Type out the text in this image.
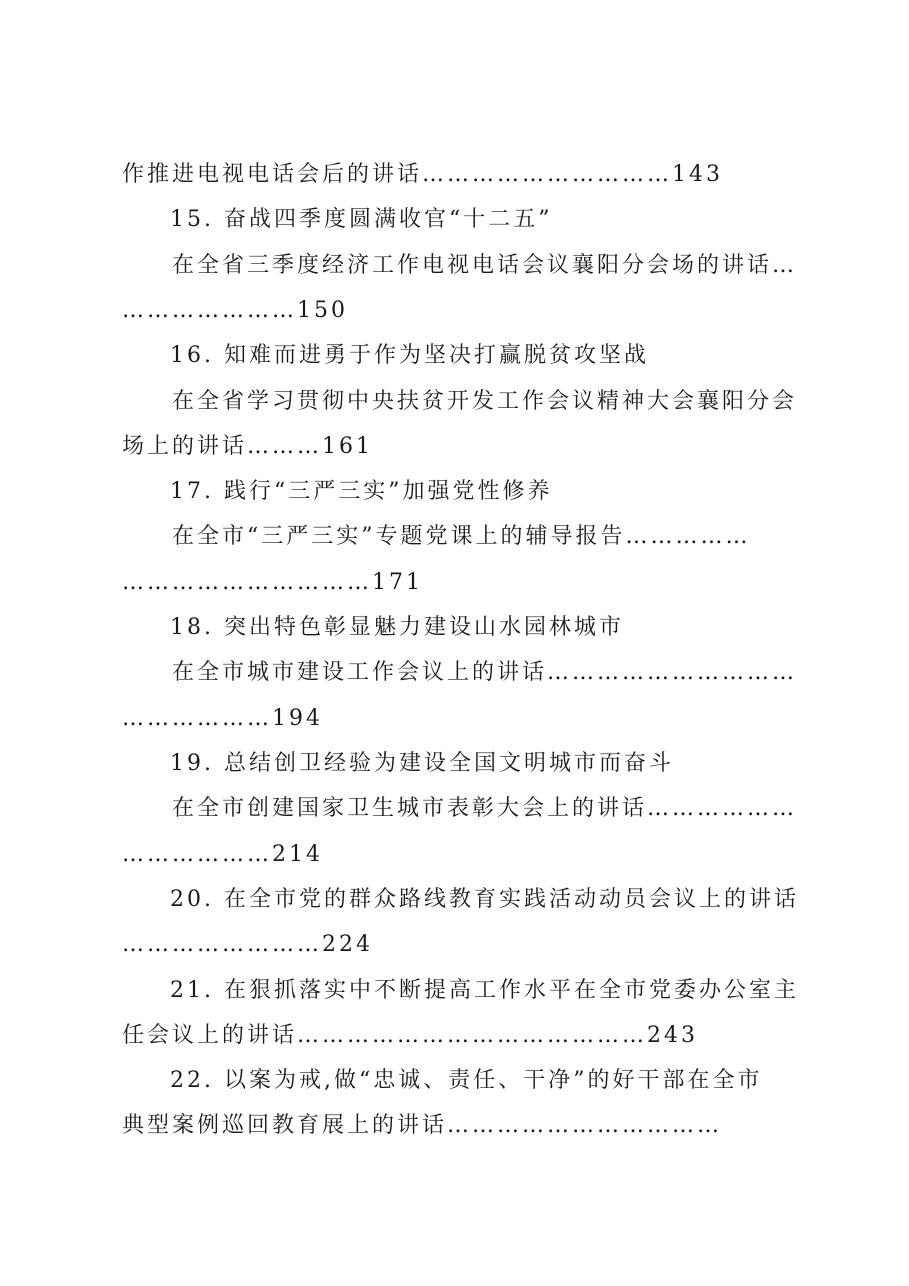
作推进电视电话会后的讲话…………………………143
15. 奋战四季度圆满收官“十二五”
在全省三季度经济工作电视电话会议襄阳分会场的讲话…
…………………150
16. 知难而进勇于作为坚决打赢脱贫攻坚战
在全省学习贯彻中央扶贫开发工作会议精神大会襄阳分会
场上的讲话………161
17. 践行“三严三实”加强党性修养
在全市“三严三实”专题党课上的辅导报告……………
…………………………171
18. 突出特色彰显魅力建设山水园林城市
在全市城市建设工作会议上的讲话…………………………
………………194
19. 总结创卫经验为建设全国文明城市而奋斗
在全市创建国家卫生城市表彰大会上的讲话………………
………………214
20. 在全市党的群众路线教育实践活动动员会议上的讲话
……………………224
21. 在狠抓落实中不断提高工作水平在全市党委办公室主
任会议上的讲话……………………………………243
22. 以案为戒,做“忠诚、责任、干净”的好干部在全市
典型案例巡回教育展上的讲话……………………………
